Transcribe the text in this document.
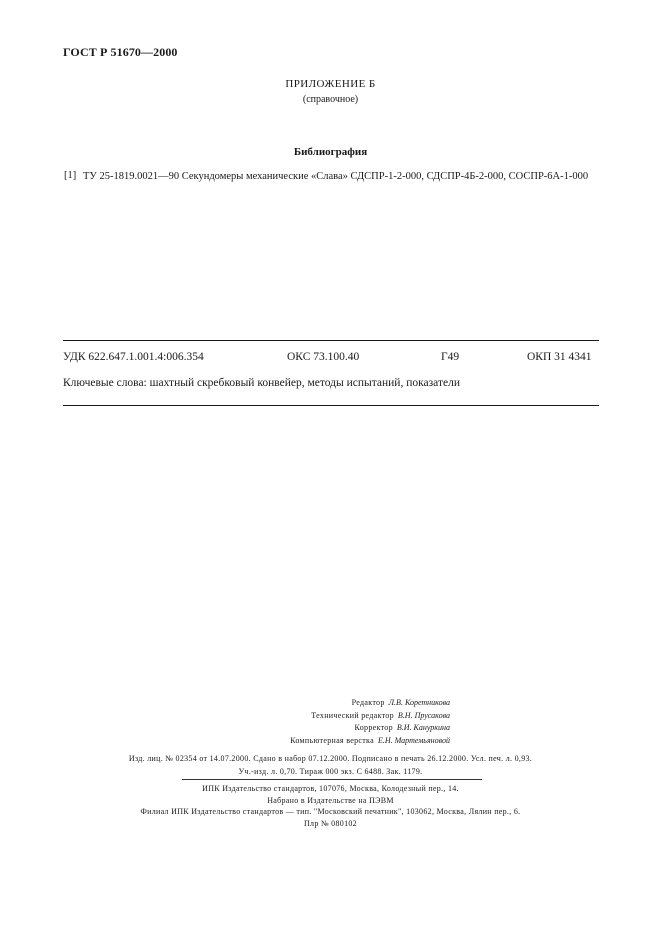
ГОСТ Р 51670—2000
ПРИЛОЖЕНИЕ Б
(справочное)
Библиография
[1] ТУ 25-1819.0021—90 Секундомеры механические «Слава» СДСПР-1-2-000, СДСПР-4Б-2-000, СОСПР-6А-1-000
УДК 622.647.1.001.4:006.354	ОКС 73.100.40	Г49	ОКП 31 4341
Ключевые слова: шахтный скребковый конвейер, методы испытаний, показатели
Редактор Л.В. Коретникова
Технический редактор В.Н. Прусакова
Корректор В.И. Кануркина
Компьютерная верстка Е.Н. Мартемьяновой
Изд. лиц. № 02354 от 14.07.2000. Сдано в набор 07.12.2000. Подписано в печать 26.12.2000. Усл. печ. л. 0,93.
Уч.-изд. л. 0,70. Тираж 000 экз. С 6488. Зак. 1179.
ИПК Издательство стандартов, 107076, Москва, Колодезный пер., 14.
Набрано в Издательстве на ПЭВМ
Филиал ИПК Издательство стандартов — тип. "Московский печатник", 103062, Москва, Лялин пер., 6.
Плр № 080102
